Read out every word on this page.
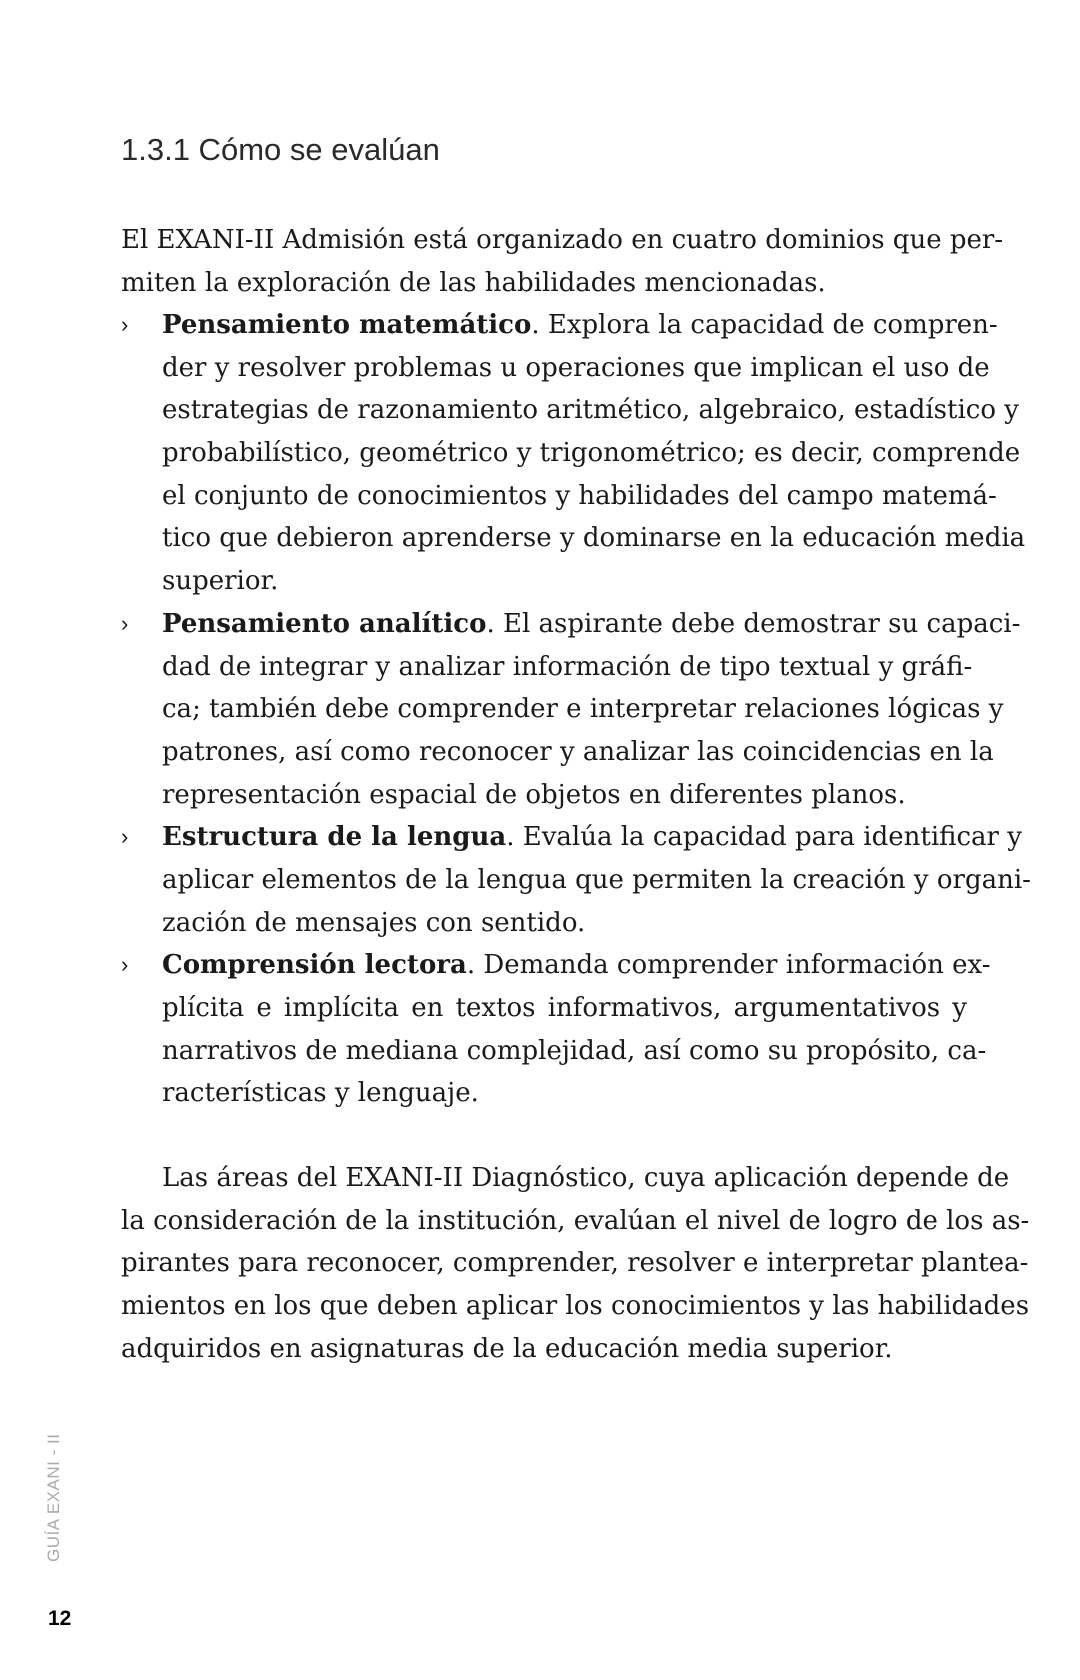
1.3.1 Cómo se evalúan
El EXANI-II Admisión está organizado en cuatro dominios que per-
miten la exploración de las habilidades mencionadas.
› Pensamiento matemático. Explora la capacidad de compren-
der y resolver problemas u operaciones que implican el uso de
estrategias de razonamiento aritmético, algebraico, estadístico y
probabilístico, geométrico y trigonométrico; es decir, comprende
el conjunto de conocimientos y habilidades del campo matemá-
tico que debieron aprenderse y dominarse en la educación media
superior.
› Pensamiento analítico. El aspirante debe demostrar su capaci-
dad de integrar y analizar información de tipo textual y gráfi-
ca; también debe comprender e interpretar relaciones lógicas y
patrones, así como reconocer y analizar las coincidencias en la
representación espacial de objetos en diferentes planos.
› Estructura de la lengua. Evalúa la capacidad para identificar y
aplicar elementos de la lengua que permiten la creación y organi-
zación de mensajes con sentido.
› Comprensión lectora. Demanda comprender información ex-
plícita e implícita en textos informativos, argumentativos y
narrativos de mediana complejidad, así como su propósito, ca-
racterísticas y lenguaje.
Las áreas del EXANI-II Diagnóstico, cuya aplicación depende de
la consideración de la institución, evalúan el nivel de logro de los as-
pirantes para reconocer, comprender, resolver e interpretar plantea-
mientos en los que deben aplicar los conocimientos y las habilidades
adquiridos en asignaturas de la educación media superior.
GUÍA EXANI - II
12
